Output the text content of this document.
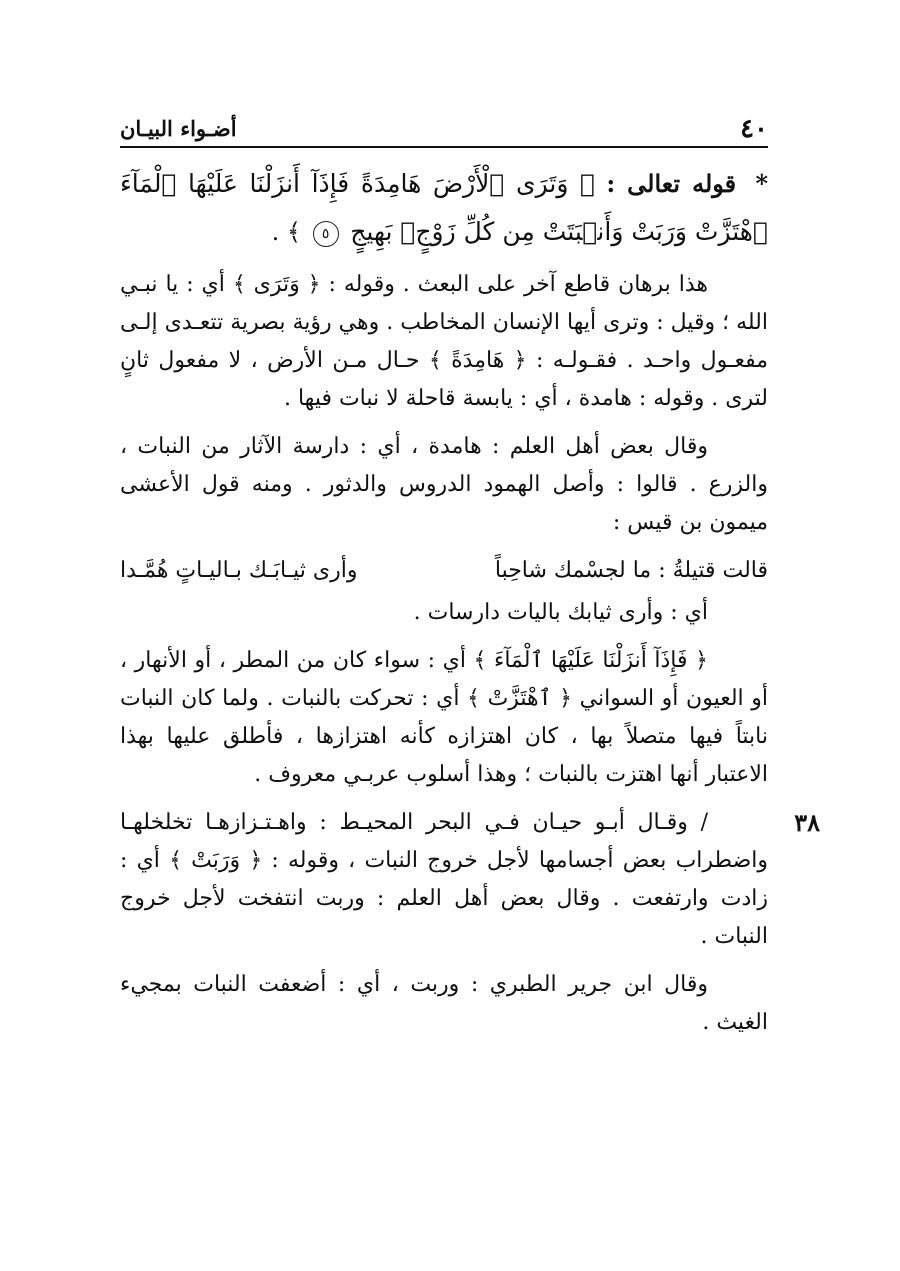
٤٠
أضـواء البيـان
* قوله تعالى : ﴿ وَتَرَى ٱلْأَرْضَ هَامِدَةً فَإِذَآ أَنزَلْنَا عَلَيْهَا ٱلْمَآءَ ٱهْتَزَّتْ وَرَبَتْ وَأَنۢبَتَتْ مِن كُلِّ زَوْجٍۭ بَهِيجٍ ٥ ﴾ .

هذا برهان قاطع آخر على البعث . وقوله : ﴿ وَتَرَى ﴾ أي : يا نبـي الله ؛ وقيل : وترى أيها الإنسان المخاطب . وهي رؤية بصرية تتعـدى إلـى مفعـول واحـد . فقـولـه : ﴿ هَامِدَةً ﴾ حـال مـن الأرض ، لا مفعول ثانٍ لترى . وقوله : هامدة ، أي : يابسة قاحلة لا نبات فيها .

وقال بعض أهل العلم : هامدة ، أي : دارسة الآثار من النبات ، والزرع . قالوا : وأصل الهمود الدروس والدثور . ومنه قول الأعشى ميمون بن قيس :

قالت قتيلةُ : ما لجسْمك شاحِباً
وأرى ثيـابَـك بـاليـاتٍ هُمَّـدا

أي : وأرى ثيابك باليات دارسات .

﴿ فَإِذَآ أَنزَلْنَا عَلَيْهَا ٱلْمَآءَ ﴾ أي : سواء كان من المطر ، أو الأنهار ، أو العيون أو السواني ﴿ ٱهْتَزَّتْ ﴾ أي : تحركت بالنبات . ولما كان النبات نابتاً فيها متصلاً بها ، كان اهتزازه كأنه اهتزازها ، فأطلق عليها بهذا الاعتبار أنها اهتزت بالنبات ؛ وهذا أسلوب عربـي معروف .

٣٨

/ وقـال أبـو حيـان فـي البحر المحيـط : واهـتـزازهـا تخلخلهـا واضطراب بعض أجسامها لأجل خروج النبات ، وقوله : ﴿ وَرَبَتْ ﴾ أي : زادت وارتفعت . وقال بعض أهل العلم : وربت انتفخت لأجل خروج النبات .

وقال ابن جرير الطبري : وربت ، أي : أضعفت النبات بمجيء الغيث .
